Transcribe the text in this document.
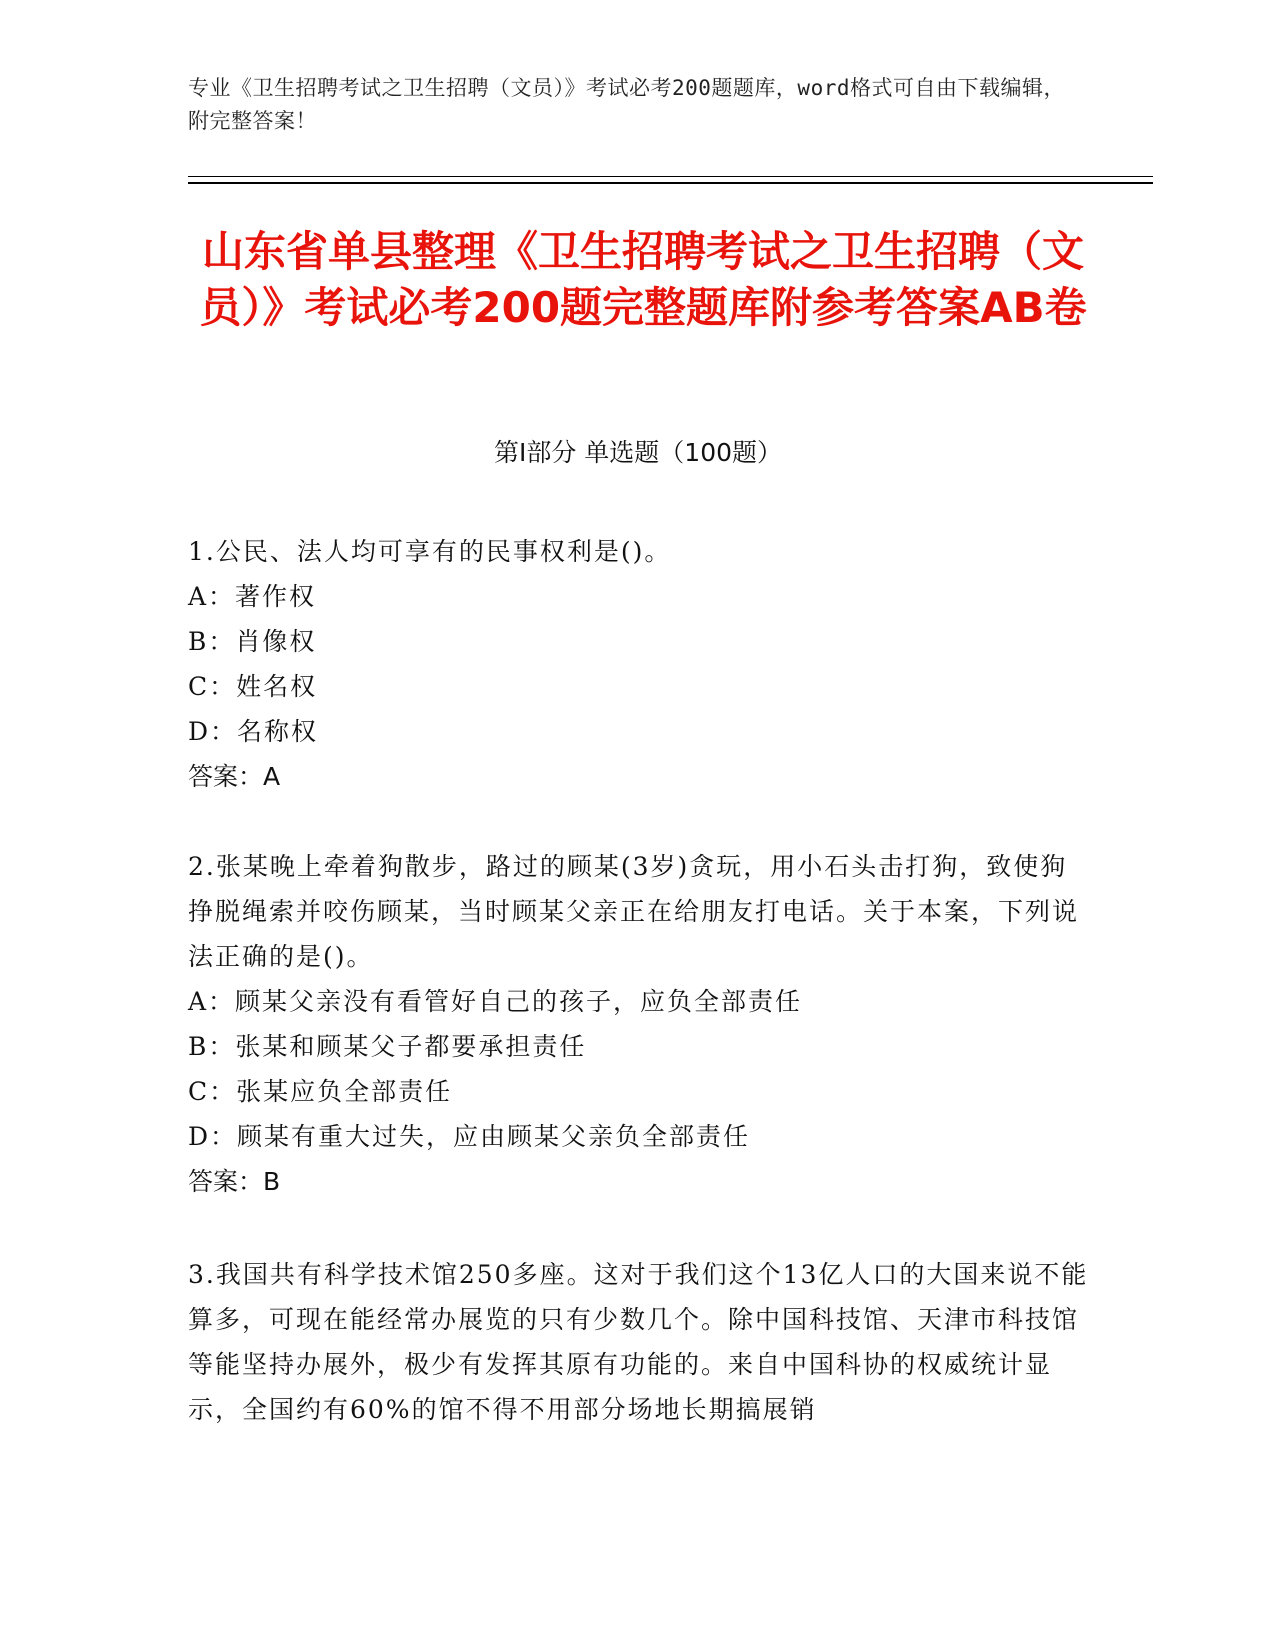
专业《卫生招聘考试之卫生招聘（文员）》考试必考200题题库，word格式可自由下载编辑，附完整答案！
山东省单县整理《卫生招聘考试之卫生招聘（文员）》考试必考200题完整题库附参考答案AB卷
第Ⅰ部分 单选题（100题）

1.公民、法人均可享有的民事权利是()。

A：著作权

B：肖像权

C：姓名权

D：名称权

答案：A

2.张某晚上牵着狗散步，路过的顾某(3岁)贪玩，用小石头击打狗，致使狗挣脱绳索并咬伤顾某，当时顾某父亲正在给朋友打电话。关于本案，下列说法正确的是()。

A：顾某父亲没有看管好自己的孩子，应负全部责任

B：张某和顾某父子都要承担责任

C：张某应负全部责任

D：顾某有重大过失，应由顾某父亲负全部责任

答案：B

3.我国共有科学技术馆250多座。这对于我们这个13亿人口的大国来说不能算多，可现在能经常办展览的只有少数几个。除中国科技馆、天津市科技馆等能坚持办展外，极少有发挥其原有功能的。来自中国科协的权威统计显示，全国约有60%的馆不得不用部分场地长期搞展销
